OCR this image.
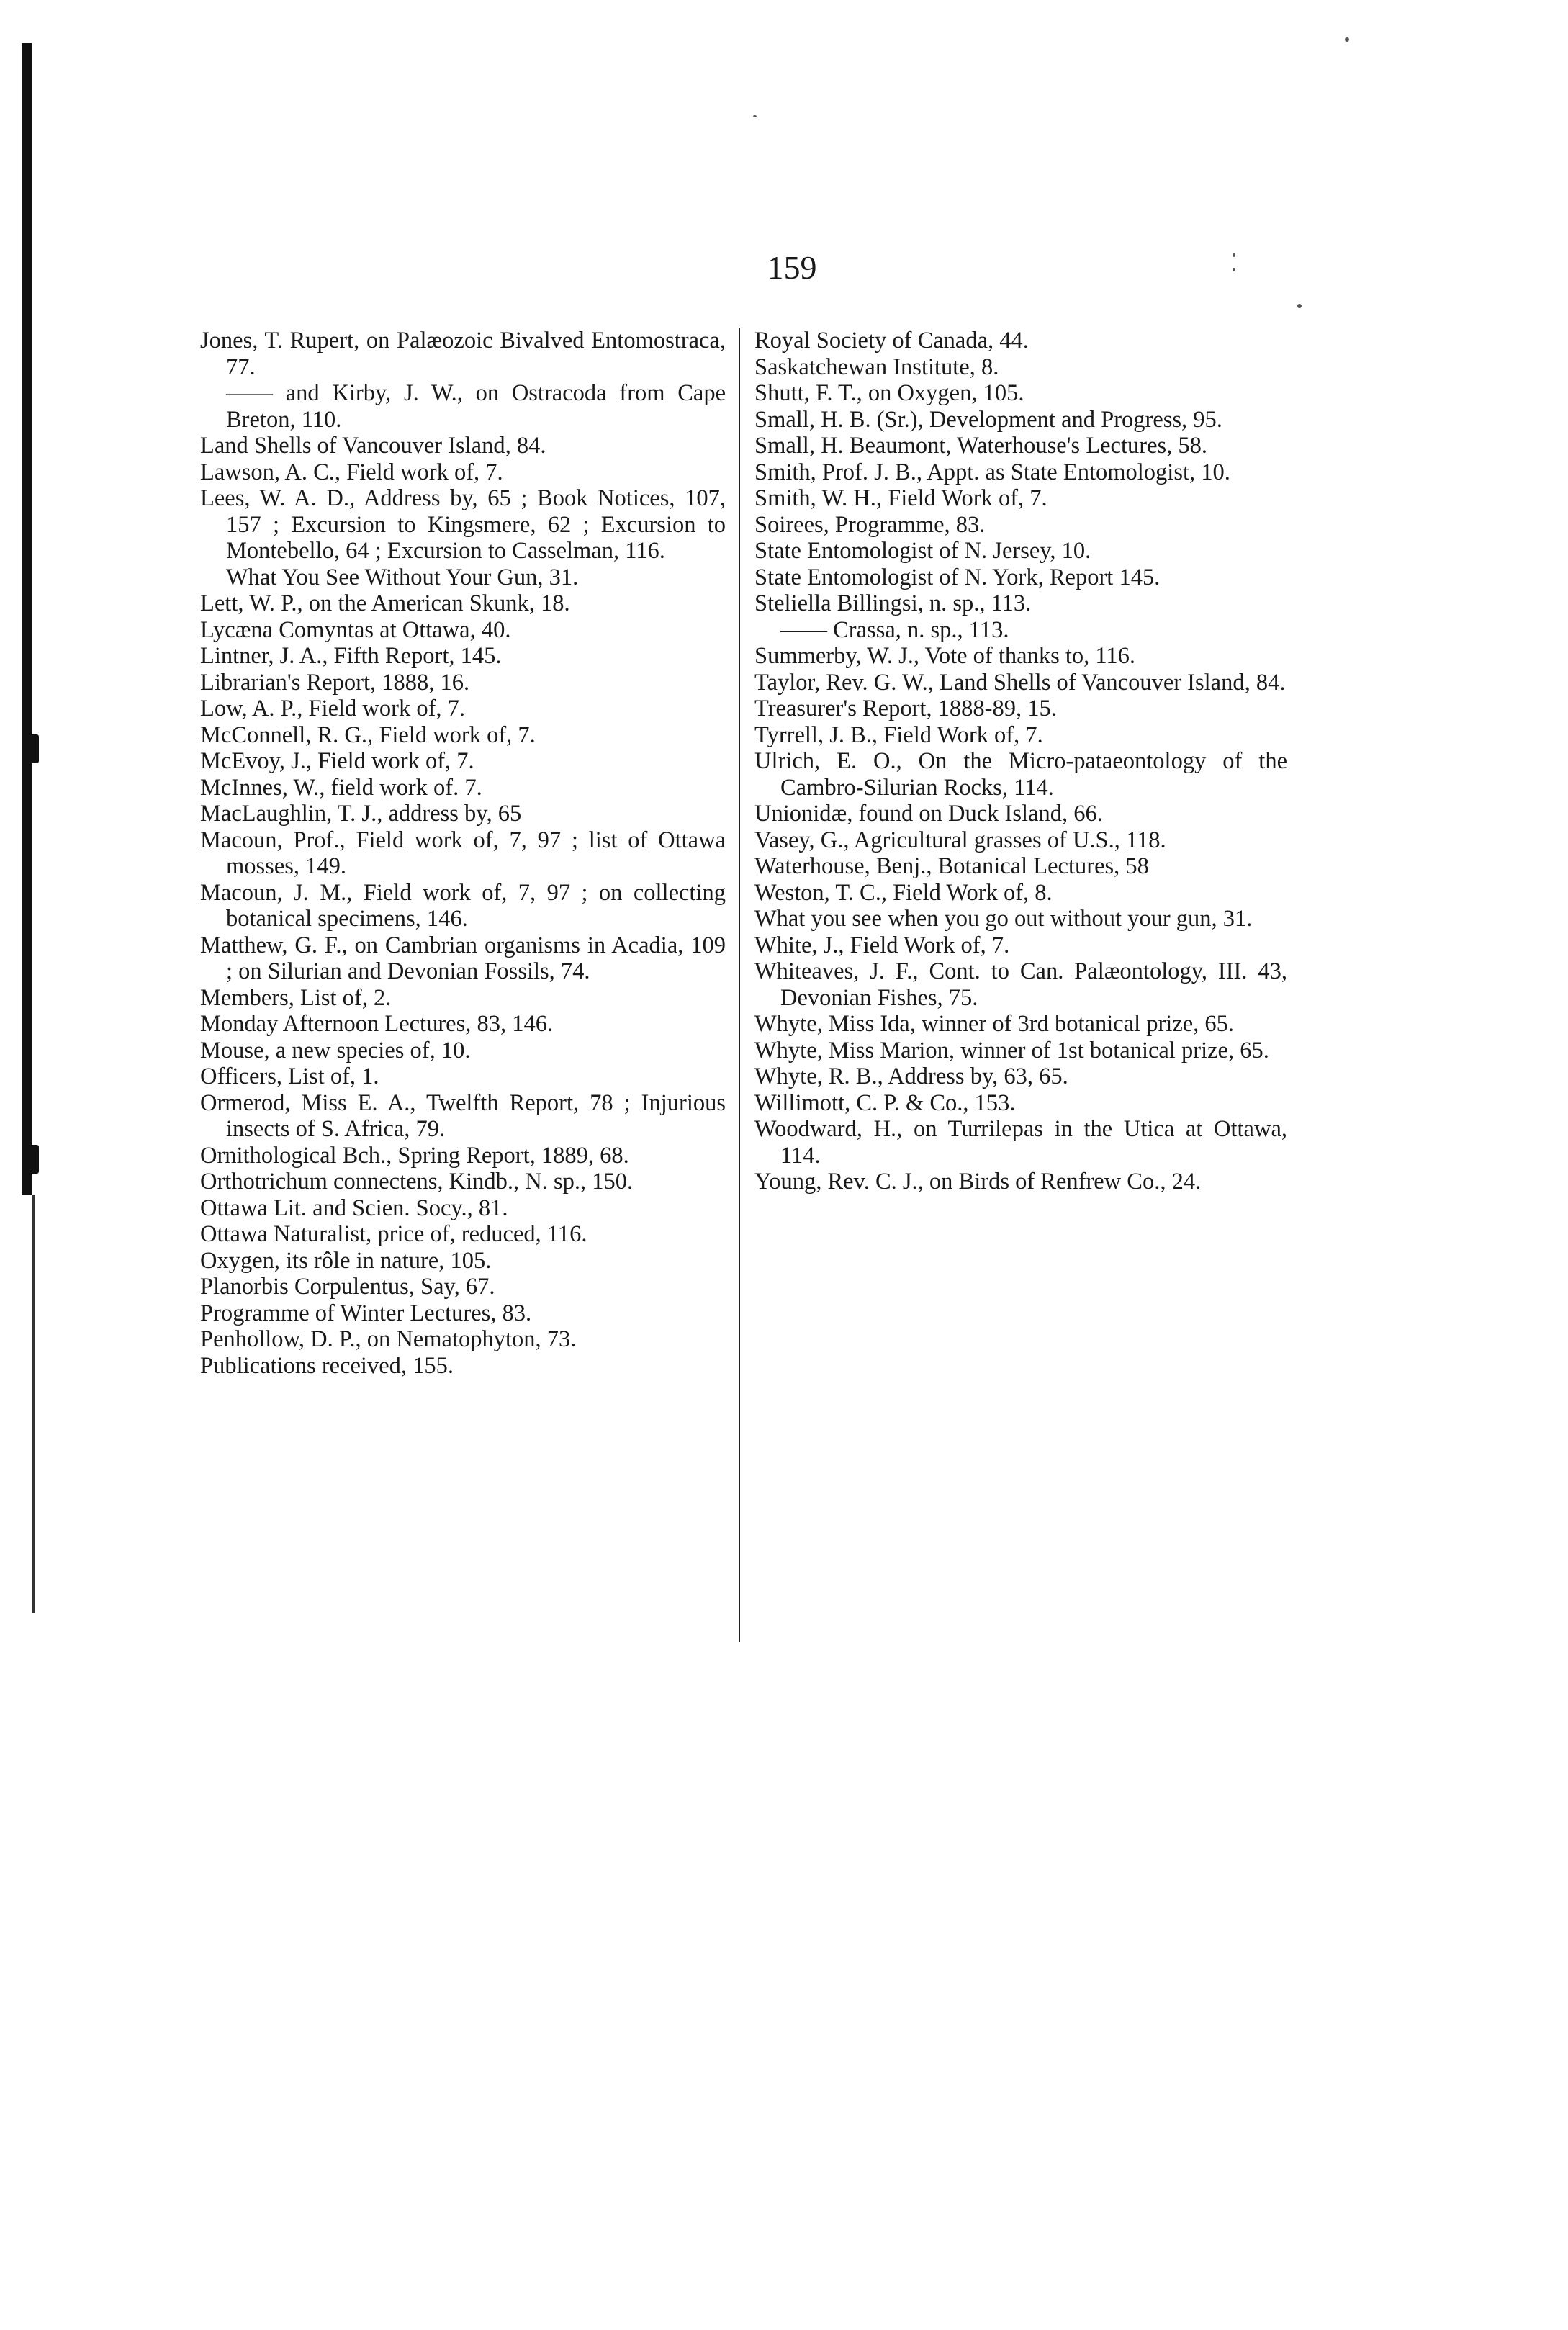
159

Jones, T. Rupert, on Palæozoic Bivalved Entomostraca, 77.

—— and Kirby, J. W., on Ostracoda from Cape Breton, 110.

Land Shells of Vancouver Island, 84.

Lawson, A. C., Field work of, 7.

Lees, W. A. D., Address by, 65 ; Book Notices, 107, 157 ; Excursion to Kingsmere, 62 ; Excursion to Montebello, 64 ; Excursion to Casselman, 116.

What You See Without Your Gun, 31.

Lett, W. P., on the American Skunk, 18.

Lycæna Comyntas at Ottawa, 40.

Lintner, J. A., Fifth Report, 145.

Librarian's Report, 1888, 16.

Low, A. P., Field work of, 7.

McConnell, R. G., Field work of, 7.

McEvoy, J., Field work of, 7.

McInnes, W., field work of. 7.

MacLaughlin, T. J., address by, 65

Macoun, Prof., Field work of, 7, 97 ; list of Ottawa mosses, 149.

Macoun, J. M., Field work of, 7, 97 ; on collecting botanical specimens, 146.

Matthew, G. F., on Cambrian organisms in Acadia, 109 ; on Silurian and Devonian Fossils, 74.

Members, List of, 2.

Monday Afternoon Lectures, 83, 146.

Mouse, a new species of, 10.

Officers, List of, 1.

Ormerod, Miss E. A., Twelfth Report, 78 ; Injurious insects of S. Africa, 79.

Ornithological Bch., Spring Report, 1889, 68.

Orthotrichum connectens, Kindb., N. sp., 150.

Ottawa Lit. and Scien. Socy., 81.

Ottawa Naturalist, price of, reduced, 116.

Oxygen, its rôle in nature, 105.

Planorbis Corpulentus, Say, 67.

Programme of Winter Lectures, 83.

Penhollow, D. P., on Nematophyton, 73.

Publications received, 155.

Royal Society of Canada, 44.

Saskatchewan Institute, 8.

Shutt, F. T., on Oxygen, 105.

Small, H. B. (Sr.), Development and Progress, 95.

Small, H. Beaumont, Waterhouse's Lectures, 58.

Smith, Prof. J. B., Appt. as State Entomologist, 10.

Smith, W. H., Field Work of, 7.

Soirees, Programme, 83.

State Entomologist of N. Jersey, 10.

State Entomologist of N. York, Report 145.

Steliella Billingsi, n. sp., 113.

—— Crassa, n. sp., 113.

Summerby, W. J., Vote of thanks to, 116.

Taylor, Rev. G. W., Land Shells of Vancouver Island, 84.

Treasurer's Report, 1888-89, 15.

Tyrrell, J. B., Field Work of, 7.

Ulrich, E. O., On the Micro-pataeontology of the Cambro-Silurian Rocks, 114.

Unionidæ, found on Duck Island, 66.

Vasey, G., Agricultural grasses of U.S., 118.

Waterhouse, Benj., Botanical Lectures, 58

Weston, T. C., Field Work of, 8.

What you see when you go out without your gun, 31.

White, J., Field Work of, 7.

Whiteaves, J. F., Cont. to Can. Palæontology, III. 43, Devonian Fishes, 75.

Whyte, Miss Ida, winner of 3rd botanical prize, 65.

Whyte, Miss Marion, winner of 1st botanical prize, 65.

Whyte, R. B., Address by, 63, 65.

Willimott, C. P. & Co., 153.

Woodward, H., on Turrilepas in the Utica at Ottawa, 114.

Young, Rev. C. J., on Birds of Renfrew Co., 24.
